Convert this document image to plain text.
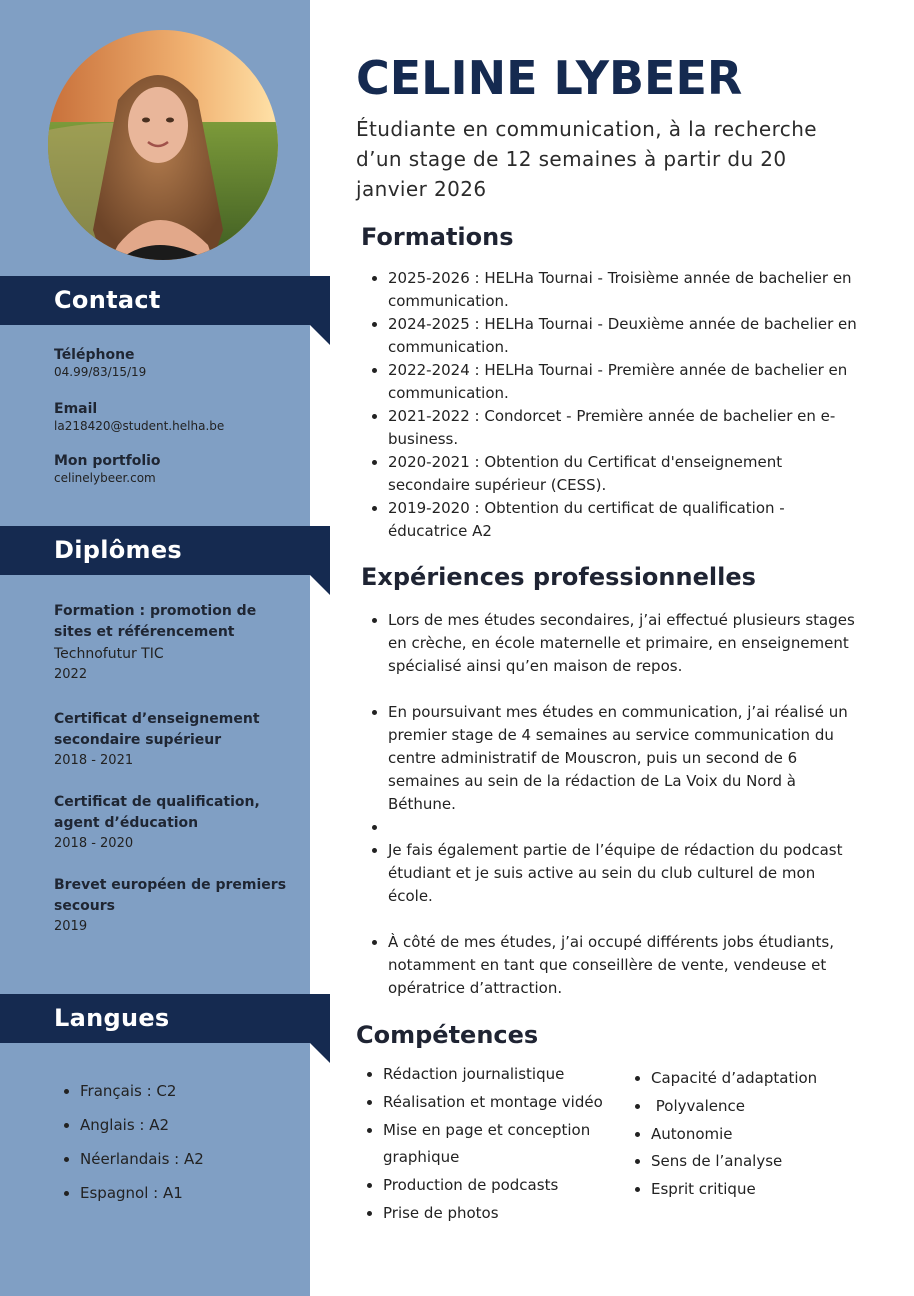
Contact
Téléphone
04.99/83/15/19
Email
la218420@student.helha.be
Mon portfolio
celinelybeer.com
Diplômes
Formation : promotion de sites et référencement
Technofutur TIC
2022
Certificat d’enseignement secondaire supérieur
2018 - 2021
Certificat de qualification, agent d’éducation
2018 - 2020
Brevet européen de premiers secours
2019
Langues
• Français : C2
• Anglais : A2
• Néerlandais : A2
• Espagnol : A1
CELINE LYBEER
Étudiante en communication, à la recherche d’un stage de 12 semaines à partir du 20 janvier 2026
Formations
• 2025-2026 : HELHa Tournai - Troisième année de bachelier en communication.
• 2024-2025 : HELHa Tournai - Deuxième année de bachelier en communication.
• 2022-2024 : HELHa Tournai - Première année de bachelier en communication.
• 2021-2022 : Condorcet - Première année de bachelier en e-business.
• 2020-2021 : Obtention du Certificat d'enseignement secondaire supérieur (CESS).
• 2019-2020 : Obtention du certificat de qualification - éducatrice A2
Expériences professionnelles
• Lors de mes études secondaires, j’ai effectué plusieurs stages en crèche, en école maternelle et primaire, en enseignement spécialisé ainsi qu’en maison de repos.
• En poursuivant mes études en communication, j’ai réalisé un premier stage de 4 semaines au service communication du centre administratif de Mouscron, puis un second de 6 semaines au sein de la rédaction de La Voix du Nord à Béthune.
•
• Je fais également partie de l’équipe de rédaction du podcast étudiant et je suis active au sein du club culturel de mon école.
• À côté de mes études, j’ai occupé différents jobs étudiants, notamment en tant que conseillère de vente, vendeuse et opératrice d’attraction.
Compétences
• Rédaction journalistique
• Réalisation et montage vidéo
• Mise en page et conception graphique
• Production de podcasts
• Prise de photos
• Capacité d’adaptation
•  Polyvalence
• Autonomie
• Sens de l’analyse
• Esprit critique
